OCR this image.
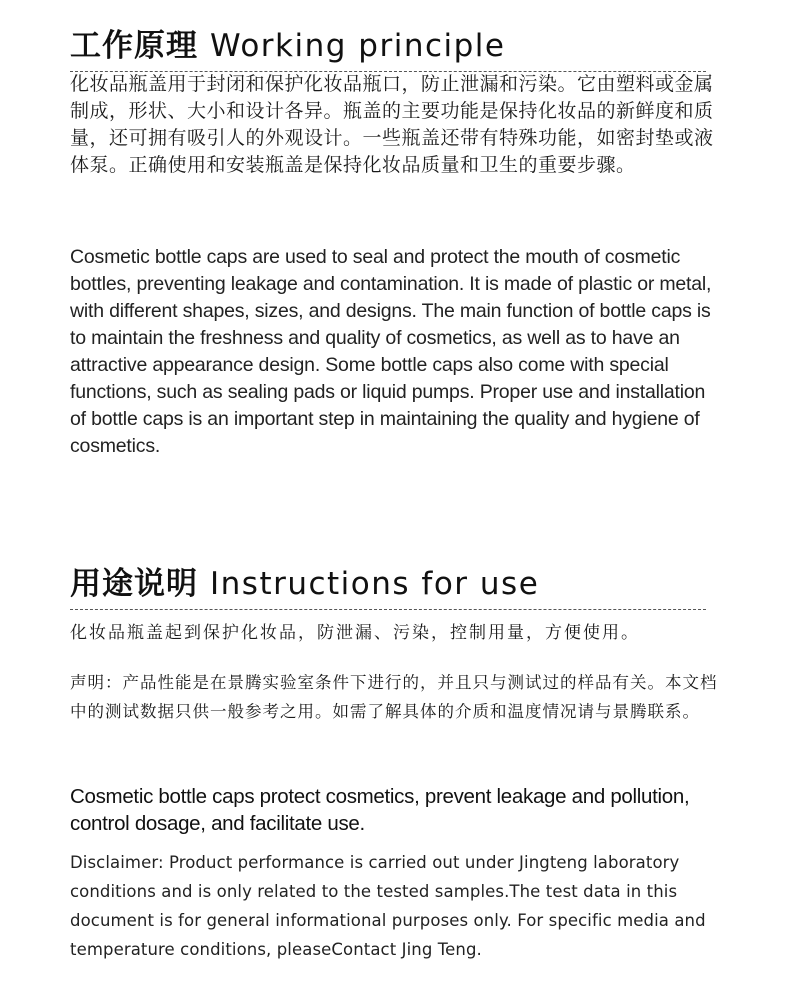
工作原理 Working principle

化妆品瓶盖用于封闭和保护化妆品瓶口，防止泄漏和污染。它由塑料或金属制成，形状、大小和设计各异。瓶盖的主要功能是保持化妆品的新鲜度和质量，还可拥有吸引人的外观设计。一些瓶盖还带有特殊功能，如密封垫或液体泵。正确使用和安装瓶盖是保持化妆品质量和卫生的重要步骤。

Cosmetic bottle caps are used to seal and protect the mouth of cosmetic bottles, preventing leakage and contamination. It is made of plastic or metal, with different shapes, sizes, and designs. The main function of bottle caps is to maintain the freshness and quality of cosmetics, as well as to have an attractive appearance design. Some bottle caps also come with special functions, such as sealing pads or liquid pumps. Proper use and installation of bottle caps is an important step in maintaining the quality and hygiene of cosmetics.

用途说明 Instructions for use

化妆品瓶盖起到保护化妆品，防泄漏、污染，控制用量，方便使用。

声明：产品性能是在景腾实验室条件下进行的，并且只与测试过的样品有关。本文档中的测试数据只供一般参考之用。如需了解具体的介质和温度情况请与景腾联系。

Cosmetic bottle caps protect cosmetics, prevent leakage and pollution, control dosage, and facilitate use.

Disclaimer: Product performance is carried out under Jingteng laboratory conditions and is only related to the tested samples.The test data in this document is for general informational purposes only. For specific media and temperature conditions, pleaseContact Jing Teng.
